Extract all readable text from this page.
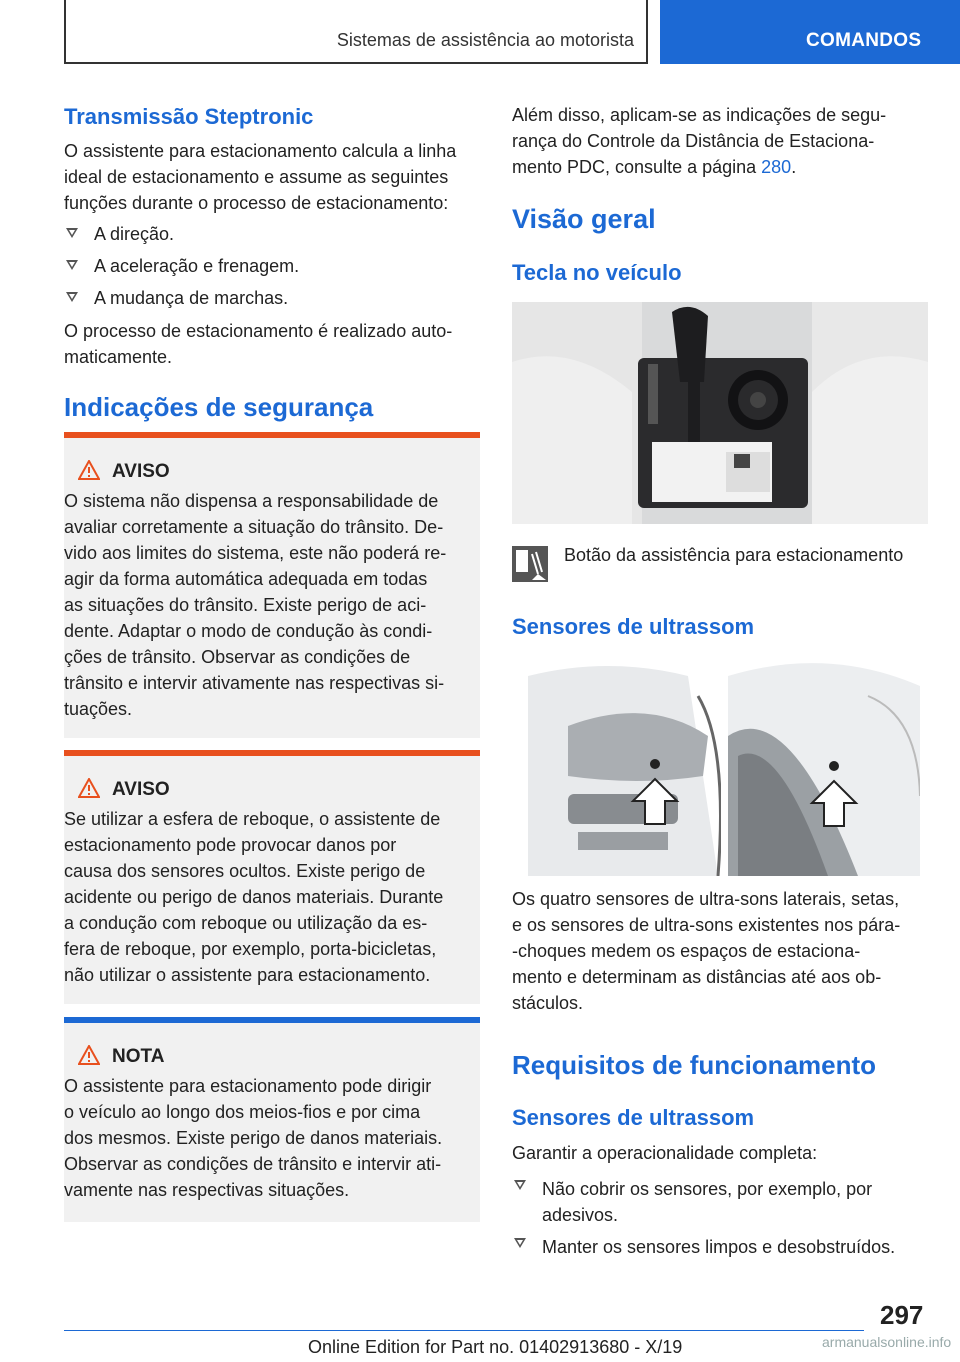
Sistemas de assistência ao motorista	COMANDOS
Transmissão Steptronic
O assistente para estacionamento calcula a linha
ideal de estacionamento e assume as seguintes
funções durante o processo de estacionamento:
A direção.
A aceleração e frenagem.
A mudança de marchas.
O processo de estacionamento é realizado auto-
maticamente.
Indicações de segurança
AVISO
O sistema não dispensa a responsabilidade de
avaliar corretamente a situação do trânsito. De-
vido aos limites do sistema, este não poderá re-
agir da forma automática adequada em todas
as situações do trânsito. Existe perigo de aci-
dente. Adaptar o modo de condução às condi-
ções de trânsito. Observar as condições de
trânsito e intervir ativamente nas respectivas si-
tuações.
AVISO
Se utilizar a esfera de reboque, o assistente de
estacionamento pode provocar danos por
causa dos sensores ocultos. Existe perigo de
acidente ou perigo de danos materiais. Durante
a condução com reboque ou utilização da es-
fera de reboque, por exemplo, porta-bicicletas,
não utilizar o assistente para estacionamento.
NOTA
O assistente para estacionamento pode dirigir
o veículo ao longo dos meios-fios e por cima
dos mesmos. Existe perigo de danos materiais.
Observar as condições de trânsito e intervir ati-
vamente nas respectivas situações.
Além disso, aplicam-se as indicações de segu-
rança do Controle da Distância de Estaciona-
mento PDC, consulte a página 280.
Visão geral
Tecla no veículo
Botão da assistência para estacionamento
Sensores de ultrassom
Os quatro sensores de ultra-sons laterais, setas,
e os sensores de ultra-sons existentes nos pára-
-choques medem os espaços de estaciona-
mento e determinam as distâncias até aos ob-
stáculos.
Requisitos de funcionamento
Sensores de ultrassom
Garantir a operacionalidade completa:
Não cobrir os sensores, por exemplo, por
adesivos.
Manter os sensores limpos e desobstruídos.
297
Online Edition for Part no. 01402913680 - X/19	armanualsonline.info
